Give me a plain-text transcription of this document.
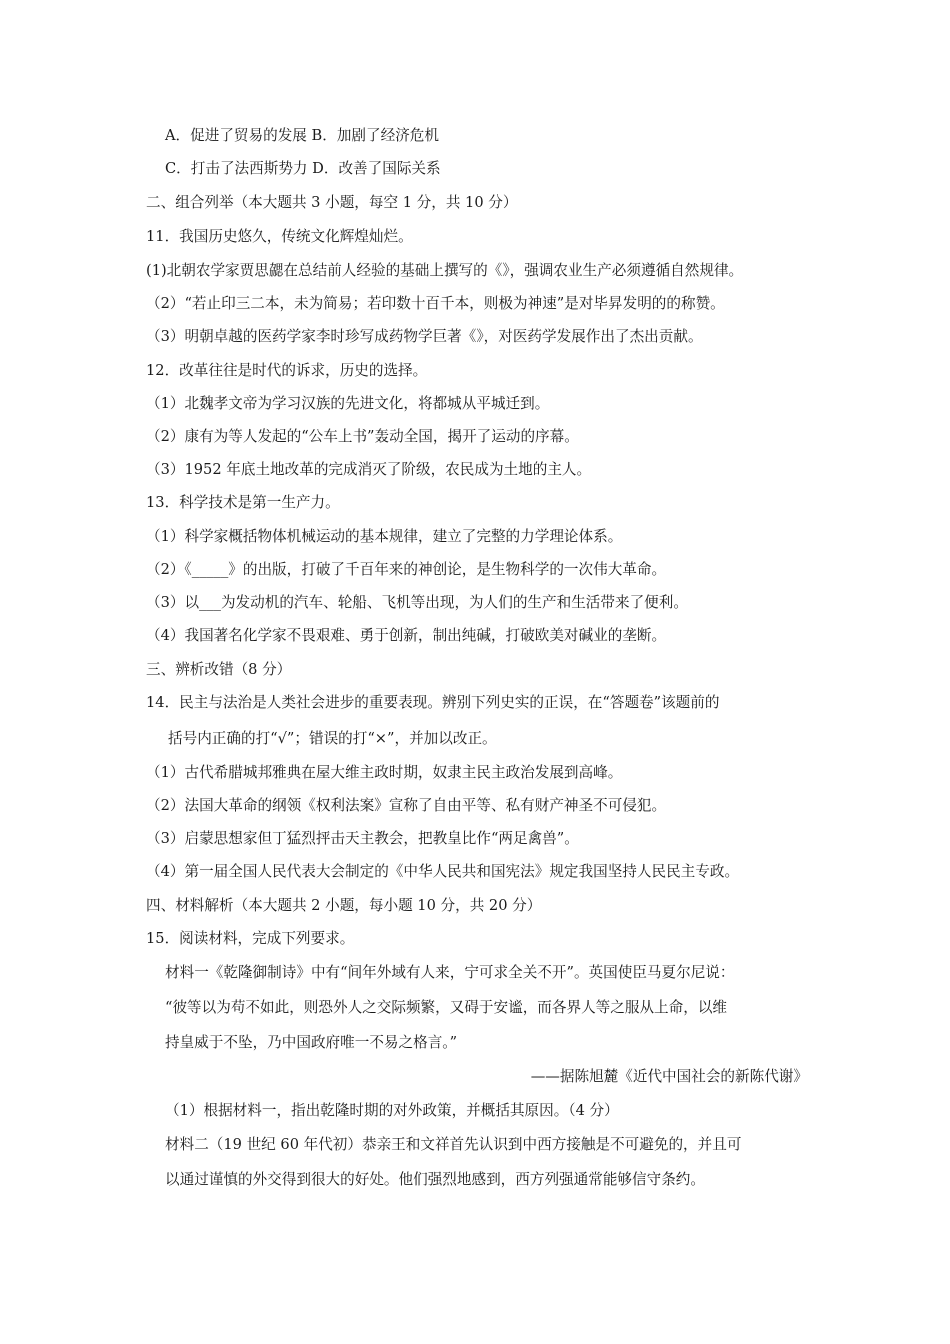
A．促进了贸易的发展 B．加剧了经济危机
C．打击了法西斯势力 D．改善了国际关系
二、组合列举（本大题共 3 小题，每空 1 分，共 10 分）
11．我国历史悠久，传统文化辉煌灿烂。
(1)北朝农学家贾思勰在总结前人经验的基础上撰写的《》，强调农业生产必须遵循自然规律。
（2）“若止印三二本，未为简易；若印数十百千本，则极为神速”是对毕昇发明的的称赞。
（3）明朝卓越的医药学家李时珍写成药物学巨著《》，对医药学发展作出了杰出贡献。
12．改革往往是时代的诉求，历史的选择。
（1）北魏孝文帝为学习汉族的先进文化，将都城从平城迁到。
（2）康有为等人发起的“公车上书”轰动全国，揭开了运动的序幕。
（3）1952 年底土地改革的完成消灭了阶级，农民成为土地的主人。
13．科学技术是第一生产力。
（1）科学家概括物体机械运动的基本规律，建立了完整的力学理论体系。
（2）《_____》的出版，打破了千百年来的神创论，是生物科学的一次伟大革命。
（3）以___为发动机的汽车、轮船、飞机等出现，为人们的生产和生活带来了便利。
（4）我国著名化学家不畏艰难、勇于创新，制出纯碱，打破欧美对碱业的垄断。
三、辨析改错（8 分）
14．民主与法治是人类社会进步的重要表现。辨别下列史实的正误，在“答题卷”该题前的
括号内正确的打“√”；错误的打“×”，并加以改正。
（1）古代希腊城邦雅典在屋大维主政时期，奴隶主民主政治发展到高峰。
（2）法国大革命的纲领《权利法案》宣称了自由平等、私有财产神圣不可侵犯。
（3）启蒙思想家但丁猛烈抨击天主教会，把教皇比作“两足禽兽”。
（4）第一届全国人民代表大会制定的《中华人民共和国宪法》规定我国坚持人民民主专政。
四、材料解析（本大题共 2 小题，每小题 10 分，共 20 分）
15．阅读材料，完成下列要求。
材料一《乾隆御制诗》中有“间年外域有人来，宁可求全关不开”。英国使臣马夏尔尼说：
“彼等以为苟不如此，则恐外人之交际频繁，又碍于安谧，而各界人等之服从上命，以维
持皇威于不坠，乃中国政府唯一不易之格言。”
——据陈旭麓《近代中国社会的新陈代谢》
（1）根据材料一，指出乾隆时期的对外政策，并概括其原因。（4 分）
材料二（19 世纪 60 年代初）恭亲王和文祥首先认识到中西方接触是不可避免的，并且可
以通过谨慎的外交得到很大的好处。他们强烈地感到，西方列强通常能够信守条约。
